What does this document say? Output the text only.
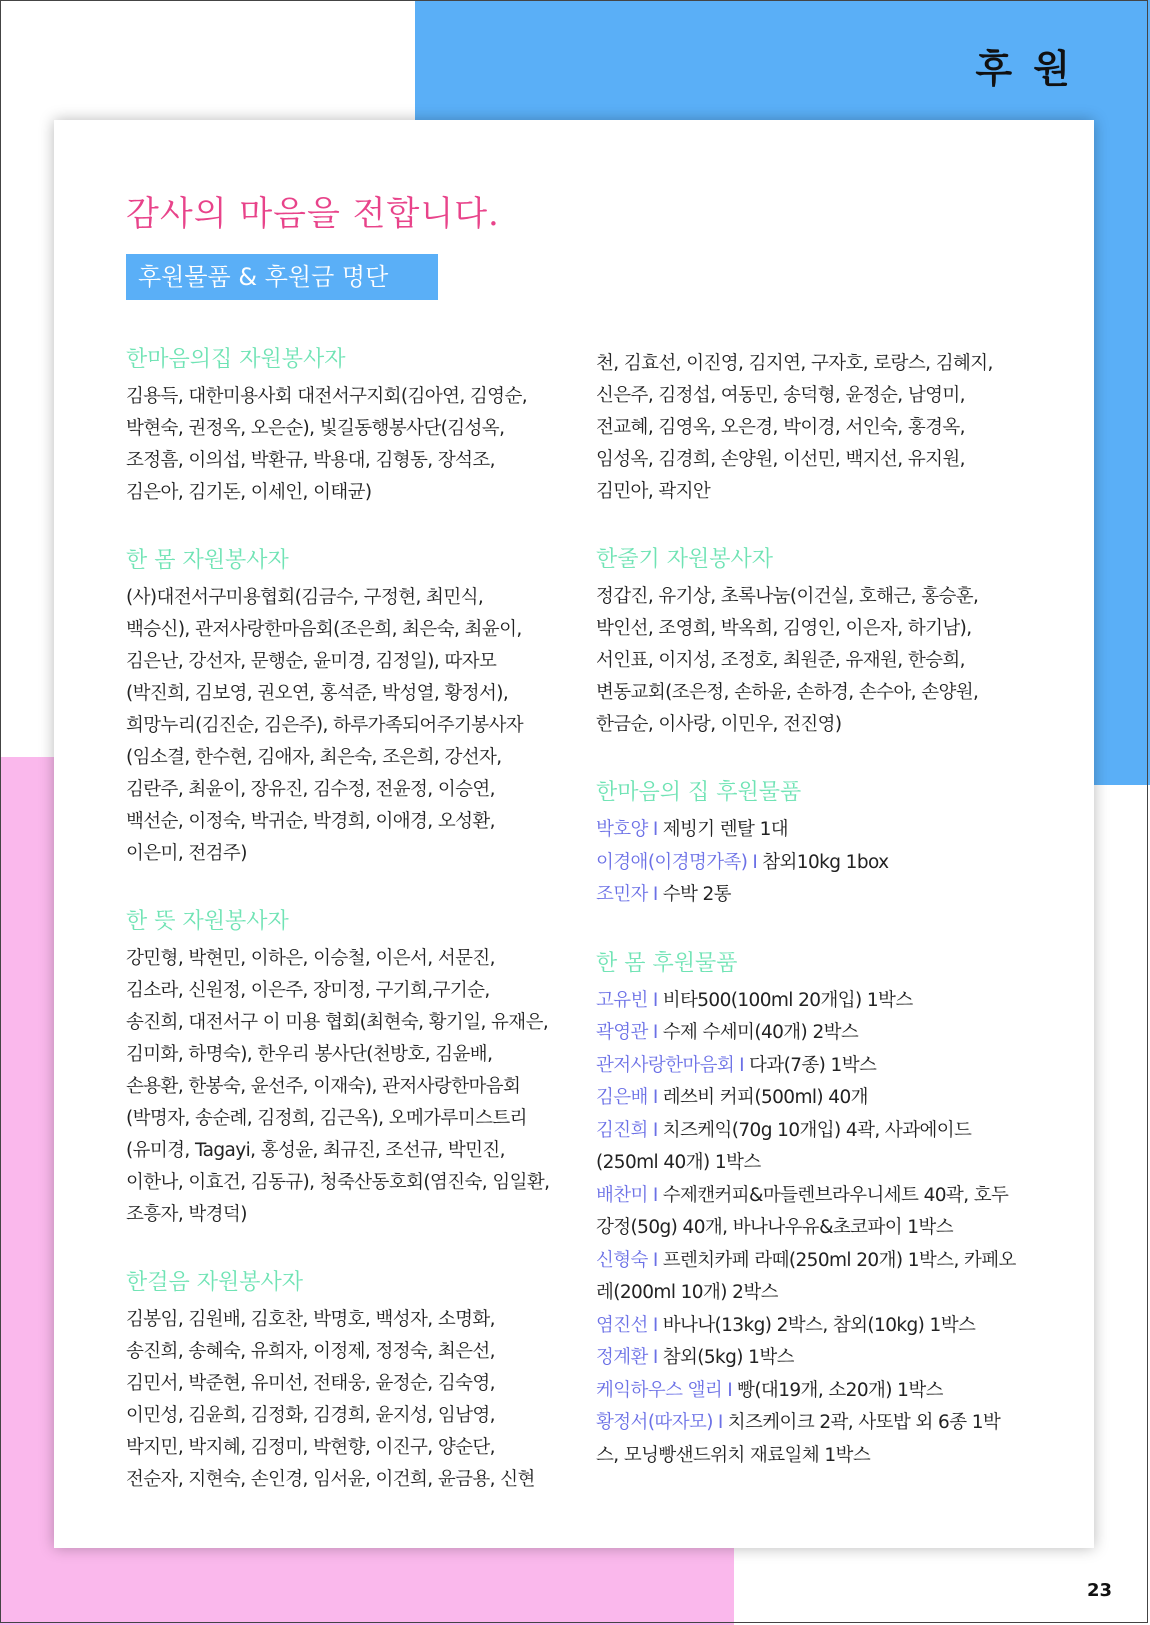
후 원
감사의 마음을 전합니다.
후원물품 & 후원금 명단
한마음의집 자원봉사자

김용득, 대한미용사회 대전서구지회(김아연, 김영순, 박현숙, 권정옥, 오은순), 빛길동행봉사단(김성옥, 조정흠, 이의섭, 박환규, 박용대, 김형동, 장석조, 김은아, 김기돈, 이세인, 이태균)

한 몸 자원봉사자

(사)대전서구미용협회(김금수, 구정현, 최민식, 백승신), 관저사랑한마음회(조은희, 최은숙, 최윤이, 김은난, 강선자, 문행순, 윤미경, 김정일), 따자모(박진희, 김보영, 권오연, 홍석준, 박성열, 황정서), 희망누리(김진순, 김은주), 하루가족되어주기봉사자(임소결, 한수현, 김애자, 최은숙, 조은희, 강선자, 김란주, 최윤이, 장유진, 김수정, 전윤정, 이승연, 백선순, 이정숙, 박귀순, 박경희, 이애경, 오성환, 이은미, 전검주)

한 뜻 자원봉사자

강민형, 박현민, 이하은, 이승철, 이은서, 서문진, 김소라, 신원정, 이은주, 장미정, 구기희,구기순, 송진희, 대전서구 이 미용 협회(최현숙, 황기일, 유재은, 김미화, 하명숙), 한우리 봉사단(천방호, 김윤배, 손용환, 한봉숙, 윤선주, 이재숙), 관저사랑한마음회(박명자, 송순례, 김정희, 김근옥), 오메가루미스트리(유미경, Tagayi, 홍성윤, 최규진, 조선규, 박민진, 이한나, 이효건, 김동규), 청죽산동호회(염진숙, 임일환, 조흥자, 박경덕)

한걸음 자원봉사자

김봉임, 김원배, 김호찬, 박명호, 백성자, 소명화, 송진희, 송혜숙, 유희자, 이정제, 정정숙, 최은선, 김민서, 박준현, 유미선, 전태웅, 윤정순, 김숙영, 이민성, 김윤희, 김정화, 김경희, 윤지성, 임남영, 박지민, 박지혜, 김정미, 박현향, 이진구, 양순단, 전순자, 지현숙, 손인경, 임서윤, 이건희, 윤금용, 신현

천, 김효선, 이진영, 김지연, 구자호, 로랑스, 김혜지, 신은주, 김정섭, 여동민, 송덕형, 윤정순, 남영미, 전교혜, 김영옥, 오은경, 박이경, 서인숙, 홍경옥, 임성옥, 김경희, 손양원, 이선민, 백지선, 유지원, 김민아, 곽지안

한줄기 자원봉사자

정갑진, 유기상, 초록나눔(이건실, 호해근, 홍승훈, 박인선, 조영희, 박옥희, 김영인, 이은자, 하기남), 서인표, 이지성, 조정호, 최원준, 유재원, 한승희, 변동교회(조은정, 손하윤, 손하경, 손수아, 손양원, 한금순, 이사랑, 이민우, 전진영)

한마음의 집 후원물품

박호양 I 제빙기 렌탈 1대

이경애(이경명가족) I 참외10kg 1box

조민자 I 수박 2통

한 몸 후원물품

고유빈 I 비타500(100ml 20개입) 1박스

곽영관 I 수제 수세미(40개) 2박스

관저사랑한마음회 I 다과(7종) 1박스

김은배 I 레쓰비 커피(500ml) 40개

김진희 I 치즈케익(70g 10개입) 4곽, 사과에이드(250ml 40개) 1박스

배찬미 I 수제캔커피&마들렌브라우니세트 40곽, 호두강정(50g) 40개, 바나나우유&초코파이 1박스

신형숙 I 프렌치카페 라떼(250ml 20개) 1박스, 카페오레(200ml 10개) 2박스

염진선 I 바나나(13kg) 2박스, 참외(10kg) 1박스

정계환 I 참외(5kg) 1박스

케익하우스 앨리 I 빵(대19개, 소20개) 1박스

황정서(따자모) I 치즈케이크 2곽, 사또밥 외 6종 1박스, 모닝빵샌드위치 재료일체 1박스

23
